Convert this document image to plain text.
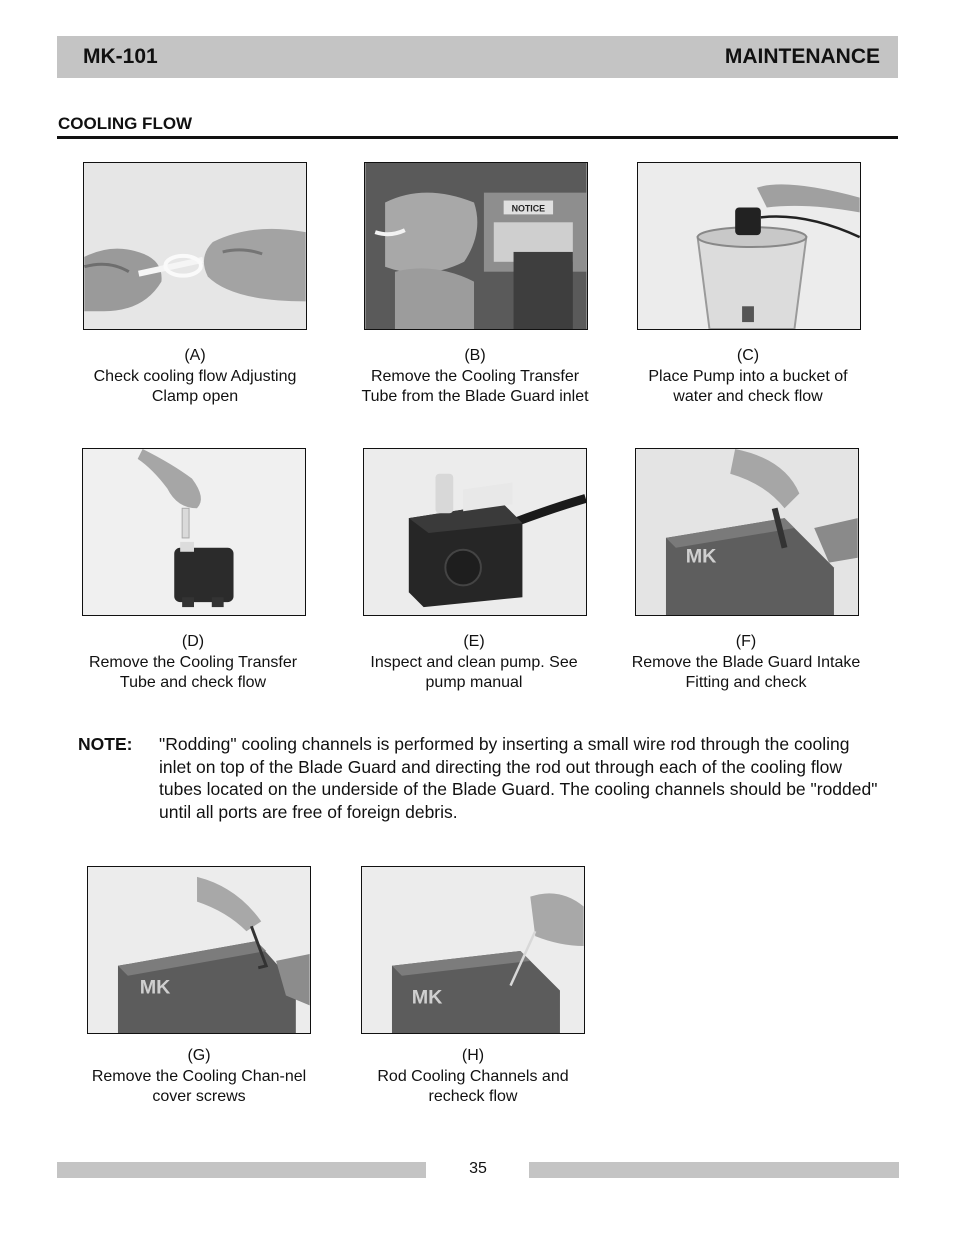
MK-101	MAINTENANCE
COOLING FLOW
(A)
Check cooling flow Adjusting Clamp open
NOTICE
(B)
Remove the Cooling Transfer Tube from the Blade Guard inlet
(C)
Place Pump into a bucket of water and check flow
(D)
Remove the Cooling Transfer Tube and check flow
(E)
Inspect and clean pump. See pump manual
MK
(F)
Remove the Blade Guard Intake Fitting and check
NOTE: "Rodding" cooling channels is performed by inserting a small wire rod through the cooling inlet on top of the Blade Guard and directing the rod out through each of the cooling flow tubes located on the underside of the Blade Guard. The cooling channels should be "rodded" until all ports are free of foreign debris.
MK
(G)
Remove the Cooling Chan-nel cover screws
MK
(H)
Rod Cooling Channels and recheck flow
35
